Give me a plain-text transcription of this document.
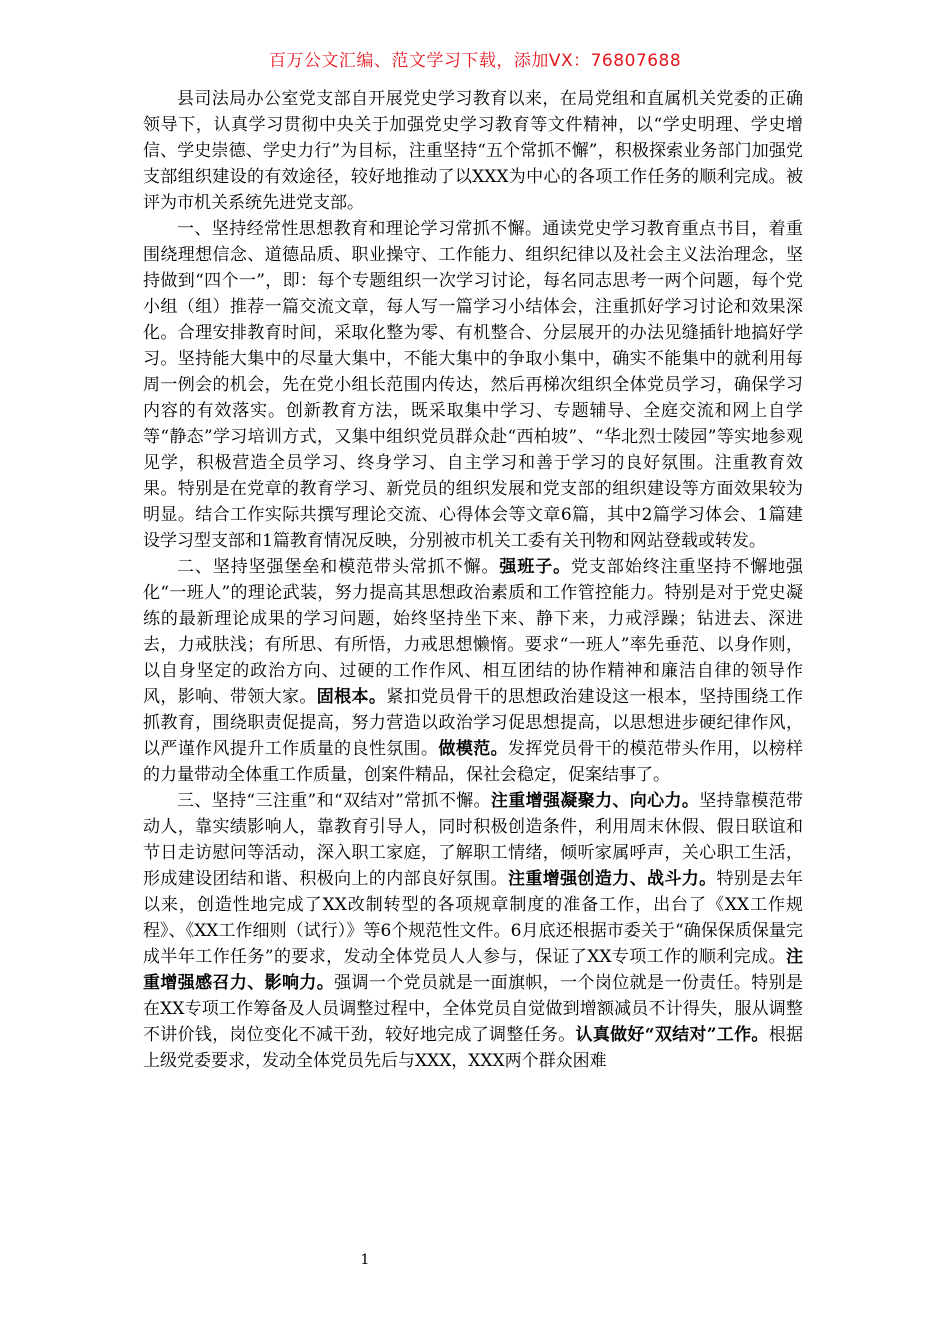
百万公文汇编、范文学习下载，添加VX：76807688

县司法局办公室党支部自开展党史学习教育以来，在局党组和直属机关党委的正确领导下，认真学习贯彻中央关于加强党史学习教育等文件精神，以“学史明理、学史增信、学史崇德、学史力行”为目标，注重坚持“五个常抓不懈”，积极探索业务部门加强党支部组织建设的有效途径，较好地推动了以XXX为中心的各项工作任务的顺利完成。被评为市机关系统先进党支部。

一、坚持经常性思想教育和理论学习常抓不懈。通读党史学习教育重点书目，着重围绕理想信念、道德品质、职业操守、工作能力、组织纪律以及社会主义法治理念，坚持做到“四个一”，即：每个专题组织一次学习讨论，每名同志思考一两个问题，每个党小组（组）推荐一篇交流文章，每人写一篇学习小结体会，注重抓好学习讨论和效果深化。合理安排教育时间，采取化整为零、有机整合、分层展开的办法见缝插针地搞好学习。坚持能大集中的尽量大集中，不能大集中的争取小集中，确实不能集中的就利用每周一例会的机会，先在党小组长范围内传达，然后再梯次组织全体党员学习，确保学习内容的有效落实。创新教育方法，既采取集中学习、专题辅导、全庭交流和网上自学等“静态”学习培训方式，又集中组织党员群众赴“西柏坡”、“华北烈士陵园”等实地参观见学，积极营造全员学习、终身学习、自主学习和善于学习的良好氛围。注重教育效果。特别是在党章的教育学习、新党员的组织发展和党支部的组织建设等方面效果较为明显。结合工作实际共撰写理论交流、心得体会等文章6篇，其中2篇学习体会、1篇建设学习型支部和1篇教育情况反映，分别被市机关工委有关刊物和网站登载或转发。

二、坚持坚强堡垒和模范带头常抓不懈。强班子。党支部始终注重坚持不懈地强化“一班人”的理论武装，努力提高其思想政治素质和工作管控能力。特别是对于党史凝练的最新理论成果的学习问题，始终坚持坐下来、静下来，力戒浮躁；钻进去、深进去，力戒肤浅；有所思、有所悟，力戒思想懒惰。要求“一班人”率先垂范、以身作则，以自身坚定的政治方向、过硬的工作作风、相互团结的协作精神和廉洁自律的领导作风，影响、带领大家。固根本。紧扣党员骨干的思想政治建设这一根本，坚持围绕工作抓教育，围绕职责促提高，努力营造以政治学习促思想提高，以思想进步硬纪律作风，以严谨作风提升工作质量的良性氛围。做模范。发挥党员骨干的模范带头作用，以榜样的力量带动全体重工作质量，创案件精品，保社会稳定，促案结事了。

三、坚持“三注重”和“双结对”常抓不懈。注重增强凝聚力、向心力。坚持靠模范带动人，靠实绩影响人，靠教育引导人，同时积极创造条件，利用周末休假、假日联谊和节日走访慰问等活动，深入职工家庭，了解职工情绪，倾听家属呼声，关心职工生活，形成建设团结和谐、积极向上的内部良好氛围。注重增强创造力、战斗力。特别是去年以来，创造性地完成了XX改制转型的各项规章制度的准备工作，出台了《XX工作规程》、《XX工作细则（试行）》等6个规范性文件。6月底还根据市委关于“确保保质保量完成半年工作任务”的要求，发动全体党员人人参与，保证了XX专项工作的顺利完成。注重增强感召力、影响力。强调一个党员就是一面旗帜，一个岗位就是一份责任。特别是在XX专项工作筹备及人员调整过程中，全体党员自觉做到增额减员不计得失，服从调整不讲价钱，岗位变化不减干劲，较好地完成了调整任务。认真做好“双结对”工作。根据上级党委要求，发动全体党员先后与XXX，XXX两个群众困难

1
